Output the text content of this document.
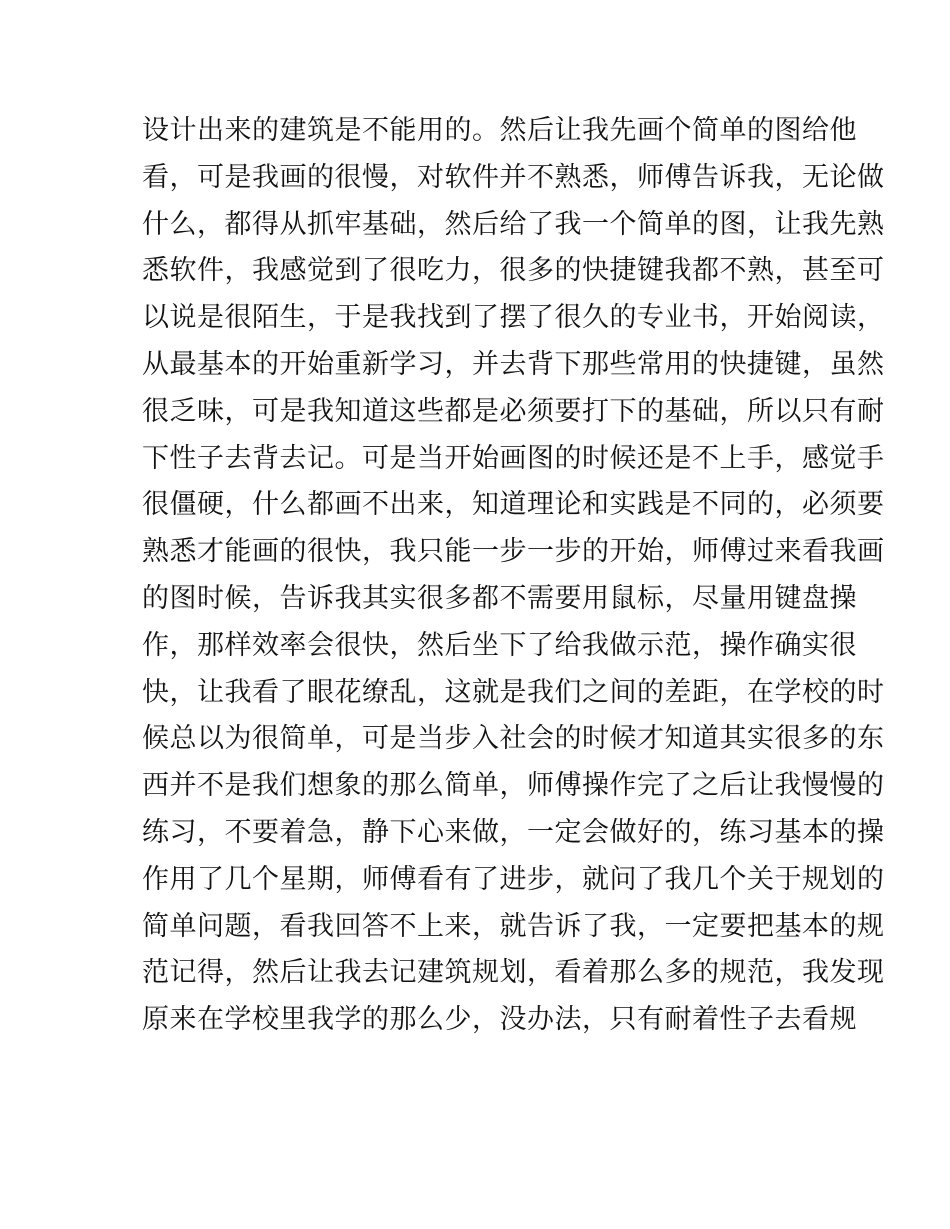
设计出来的建筑是不能用的。然后让我先画个简单的图给他
看，可是我画的很慢，对软件并不熟悉，师傅告诉我，无论做
什么，都得从抓牢基础，然后给了我一个简单的图，让我先熟
悉软件，我感觉到了很吃力，很多的快捷键我都不熟，甚至可
以说是很陌生，于是我找到了摆了很久的专业书，开始阅读，
从最基本的开始重新学习，并去背下那些常用的快捷键，虽然
很乏味，可是我知道这些都是必须要打下的基础，所以只有耐
下性子去背去记。可是当开始画图的时候还是不上手，感觉手
很僵硬，什么都画不出来，知道理论和实践是不同的，必须要
熟悉才能画的很快，我只能一步一步的开始，师傅过来看我画
的图时候，告诉我其实很多都不需要用鼠标，尽量用键盘操
作，那样效率会很快，然后坐下了给我做示范，操作确实很
快，让我看了眼花缭乱，这就是我们之间的差距，在学校的时
候总以为很简单，可是当步入社会的时候才知道其实很多的东
西并不是我们想象的那么简单，师傅操作完了之后让我慢慢的
练习，不要着急，静下心来做，一定会做好的，练习基本的操
作用了几个星期，师傅看有了进步，就问了我几个关于规划的
简单问题，看我回答不上来，就告诉了我，一定要把基本的规
范记得，然后让我去记建筑规划，看着那么多的规范，我发现
原来在学校里我学的那么少，没办法，只有耐着性子去看规
